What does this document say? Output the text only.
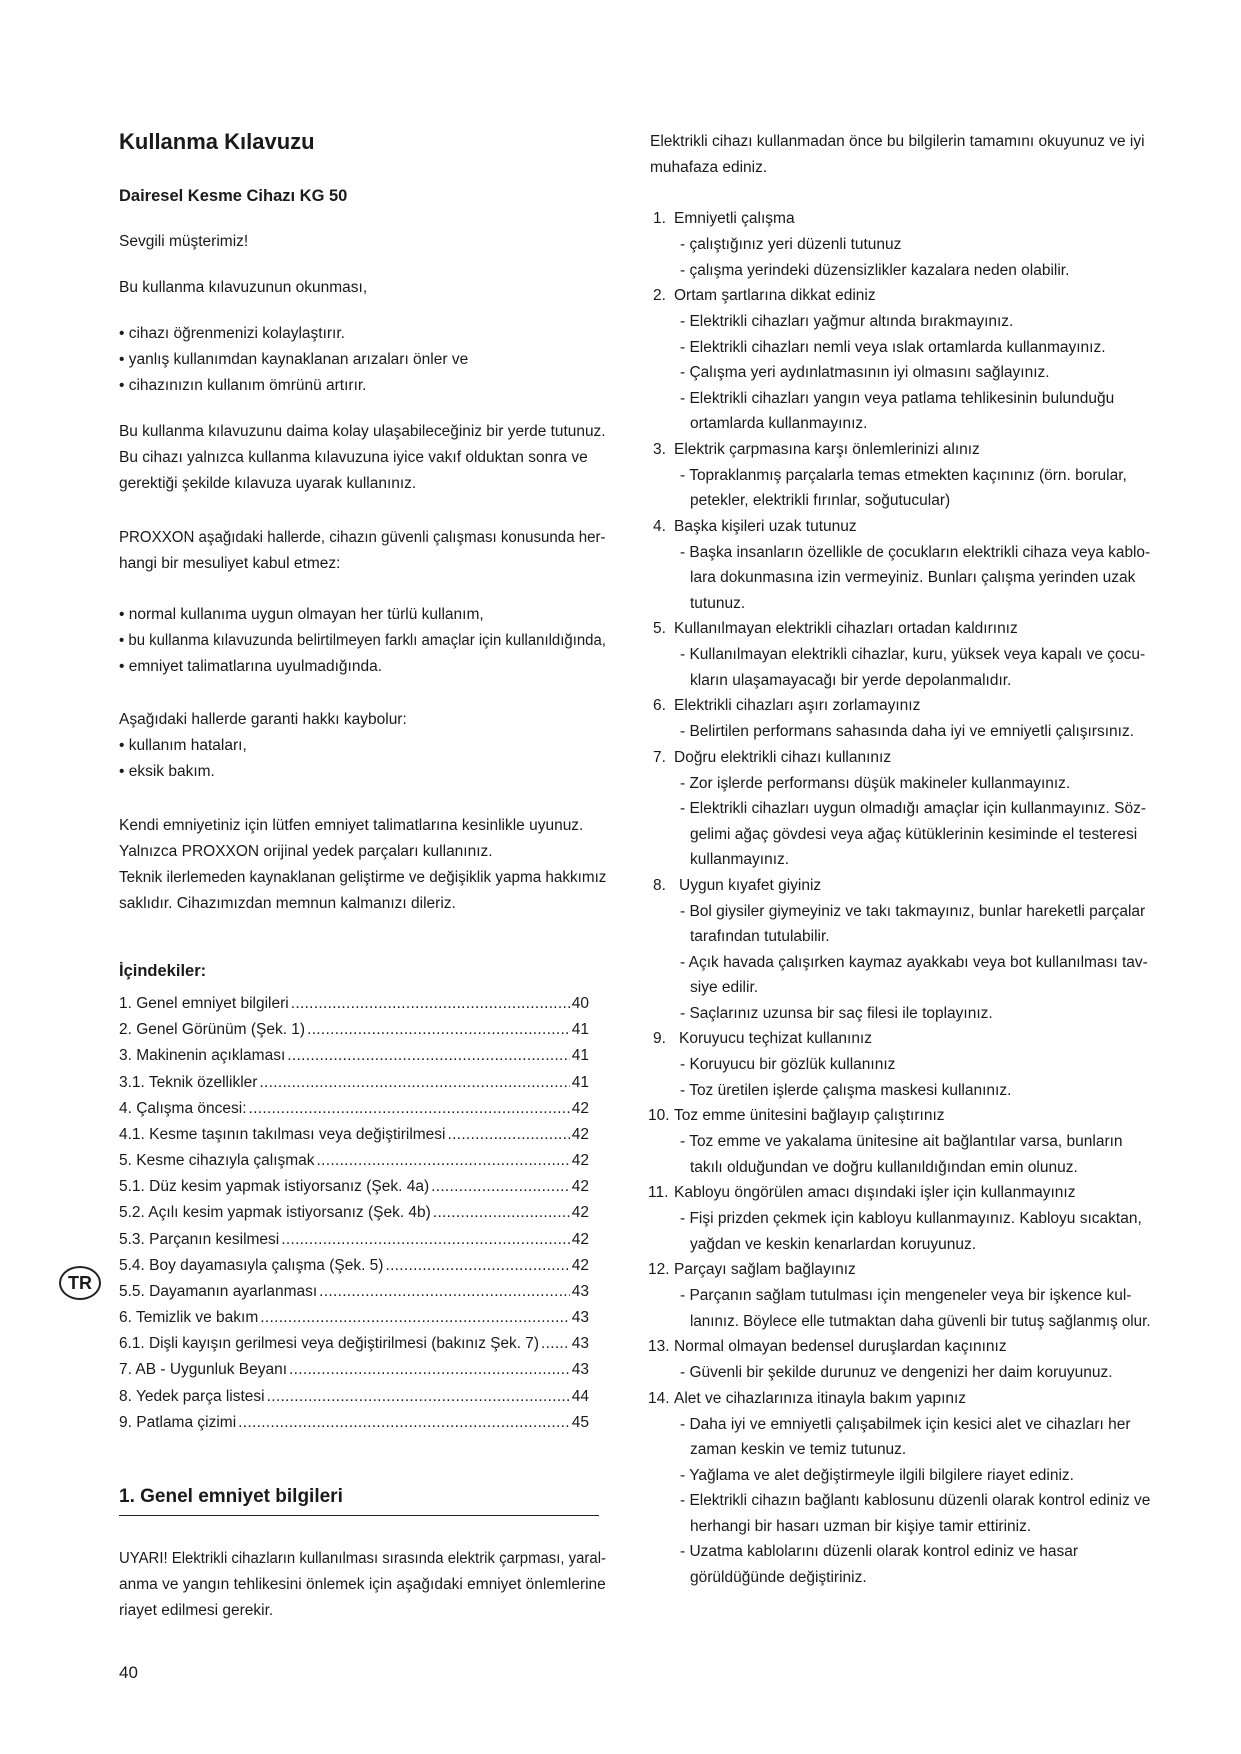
Kullanma Kılavuzu
Dairesel Kesme Cihazı KG 50
Sevgili müşterimiz!
Bu kullanma kılavuzunun okunması,
• cihazı öğrenmenizi kolaylaştırır.
• yanlış kullanımdan kaynaklanan arızaları önler ve
• cihazınızın kullanım ömrünü artırır.
Bu kullanma kılavuzunu daima kolay ulaşabileceğiniz bir yerde tutunuz.
Bu cihazı yalnızca kullanma kılavuzuna iyice vakıf olduktan sonra ve
gerektiği şekilde kılavuza uyarak kullanınız.
PROXXON aşağıdaki hallerde, cihazın güvenli çalışması konusunda her-
hangi bir mesuliyet kabul etmez:
• normal kullanıma uygun olmayan her türlü kullanım,
• bu kullanma kılavuzunda belirtilmeyen farklı amaçlar için kullanıldığında,
• emniyet talimatlarına uyulmadığında.
Aşağıdaki hallerde garanti hakkı kaybolur:
• kullanım hataları,
• eksik bakım.
Kendi emniyetiniz için lütfen emniyet talimatlarına kesinlikle uyunuz.
Yalnızca PROXXON orijinal yedek parçaları kullanınız.
Teknik ilerlemeden kaynaklanan geliştirme ve değişiklik yapma hakkımız
saklıdır. Cihazımızdan memnun kalmanızı dileriz.
İçindekiler:
1. Genel emniyet bilgileri .....	40
2. Genel Görünüm (Şek. 1) .....	41
3. Makinenin açıklaması .....	41
3.1. Teknik özellikler .....	41
4. Çalışma öncesi: .....	42
4.1. Kesme taşının takılması veya değiştirilmesi .....	42
5. Kesme cihazıyla çalışmak .....	42
5.1. Düz kesim yapmak istiyorsanız (Şek. 4a) .....	42
5.2. Açılı kesim yapmak istiyorsanız (Şek. 4b) .....	42
5.3. Parçanın kesilmesi .....	42
5.4. Boy dayamasıyla çalışma (Şek. 5) .....	42
5.5. Dayamanın ayarlanması .....	43
6. Temizlik ve bakım .....	43
6.1. Dişli kayışın gerilmesi veya değiştirilmesi (bakınız Şek. 7) ..... 43
7. AB - Uygunluk Beyanı .....	43
8. Yedek parça listesi .....	44
9. Patlama çizimi .....	45
1. Genel emniyet bilgileri
UYARI! Elektrikli cihazların kullanılması sırasında elektrik çarpması, yaral-
anma ve yangın tehlikesini önlemek için aşağıdaki emniyet önlemlerine
riayet edilmesi gerekir.
Elektrikli cihazı kullanmadan önce bu bilgilerin tamamını okuyunuz ve iyi
muhafaza ediniz.
1. Emniyetli çalışma
- çalıştığınız yeri düzenli tutunuz
- çalışma yerindeki düzensizlikler kazalara neden olabilir.
2. Ortam şartlarına dikkat ediniz
- Elektrikli cihazları yağmur altında bırakmayınız.
- Elektrikli cihazları nemli veya ıslak ortamlarda kullanmayınız.
- Çalışma yeri aydınlatmasının iyi olmasını sağlayınız.
- Elektrikli cihazları yangın veya patlama tehlikesinin bulunduğu
ortamlarda kullanmayınız.
3. Elektrik çarpmasına karşı önlemlerinizi alınız
- Topraklanmış parçalarla temas etmekten kaçınınız (örn. borular,
petekler, elektrikli fırınlar, soğutucular)
4. Başka kişileri uzak tutunuz
- Başka insanların özellikle de çocukların elektrikli cihaza veya kablo-
lara dokunmasına izin vermeyiniz. Bunları çalışma yerinden uzak
tutunuz.
5. Kullanılmayan elektrikli cihazları ortadan kaldırınız
- Kullanılmayan elektrikli cihazlar, kuru, yüksek veya kapalı ve çocu-
kların ulaşamayacağı bir yerde depolanmalıdır.
6. Elektrikli cihazları aşırı zorlamayınız
- Belirtilen performans sahasında daha iyi ve emniyetli çalışırsınız.
7. Doğru elektrikli cihazı kullanınız
- Zor işlerde performansı düşük makineler kullanmayınız.
- Elektrikli cihazları uygun olmadığı amaçlar için kullanmayınız. Söz-
gelimi ağaç gövdesi veya ağaç kütüklerinin kesiminde el testeresi
kullanmayınız.
8. Uygun kıyafet giyiniz
- Bol giysiler giymeyiniz ve takı takmayınız, bunlar hareketli parçalar
tarafından tutulabilir.
- Açık havada çalışırken kaymaz ayakkabı veya bot kullanılması tav-
siye edilir.
- Saçlarınız uzunsa bir saç filesi ile toplayınız.
9. Koruyucu teçhizat kullanınız
- Koruyucu bir gözlük kullanınız
- Toz üretilen işlerde çalışma maskesi kullanınız.
10. Toz emme ünitesini bağlayıp çalıştırınız
- Toz emme ve yakalama ünitesine ait bağlantılar varsa, bunların
takılı olduğundan ve doğru kullanıldığından emin olunuz.
11. Kabloyu öngörülen amacı dışındaki işler için kullanmayınız
- Fişi prizden çekmek için kabloyu kullanmayınız. Kabloyu sıcaktan,
yağdan ve keskin kenarlardan koruyunuz.
12. Parçayı sağlam bağlayınız
- Parçanın sağlam tutulması için mengeneler veya bir işkence kul-
lanınız. Böylece elle tutmaktan daha güvenli bir tutuş sağlanmış olur.
13. Normal olmayan bedensel duruşlardan kaçınınız
- Güvenli bir şekilde durunuz ve dengenizi her daim koruyunuz.
14. Alet ve cihazlarınıza itinayla bakım yapınız
- Daha iyi ve emniyetli çalışabilmek için kesici alet ve cihazları her
zaman keskin ve temiz tutunuz.
- Yağlama ve alet değiştirmeyle ilgili bilgilere riayet ediniz.
- Elektrikli cihazın bağlantı kablosunu düzenli olarak kontrol ediniz ve
herhangi bir hasarı uzman bir kişiye tamir ettiriniz.
- Uzatma kablolarını düzenli olarak kontrol ediniz ve hasar
görüldüğünde değiştiriniz.
TR
40
